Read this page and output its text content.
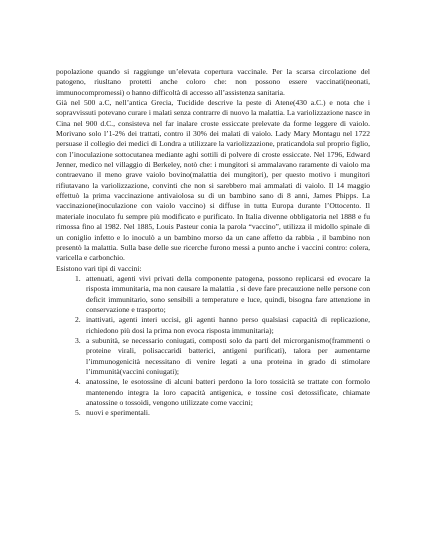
popolazione quando si raggiunge un’elevata copertura vaccinale. Per la scarsa circolazione del patogeno, riusltano protetti anche coloro che: non possono essere vaccinati(neonati, immunocompromessi) o hanno difficoltà di accesso all’assistenza sanitaria.

Già nel 500 a.C, nell’antica Grecia, Tucidide descrive la peste di Atene(430 a.C.) e nota che i sopravvissuti potevano curare i malati senza contrarre di nuovo la malattia. La variolizzazione nasce in Cina nel 900 d.C., consisteva nel far inalare croste essiccate prelevate da forme leggere di vaiolo. Morivano solo l’1-2% dei trattati, contro il 30% dei malati di vaiolo. Lady Mary Montagu nel 1722 persuase il collegio dei medici di Londra a utilizzare la variolizzazione, praticandola sul proprio figlio, con l’inoculazione sottocutanea mediante aghi sottili di polvere di croste essiccate. Nel 1796, Edward Jenner, medico nel villaggio di Berkeley, notò che: i mungitori si ammalavano raramente di vaiolo ma contraevano il meno grave vaiolo bovino(malattia dei mungitori), per questo motivo i mungitori rifiutavano la variolizzazione, convinti che non si sarebbero mai ammalati di vaiolo. Il 14 maggio effettuò la prima vaccinazione antivaiolosa su di un bambino sano di 8 anni, James Phipps. La vaccinazione(inoculazione con vaiolo vaccino) si diffuse in tutta Europa durante l’Ottocento. Il materiale inoculato fu sempre più modificato e purificato. In Italia divenne obbligatoria nel 1888 e fu rimossa fino al 1982. Nel 1885, Louis Pasteur conia la parola “vaccino”, utilizza il midollo spinale di un coniglio infetto e lo inoculò a un bambino morso da un cane affetto da rabbia , il bambino non presentò la malattia. Sulla base delle sue ricerche furono messi a punto anche i vaccini contro: colera, varicella e carbonchio.

Esistono vari tipi di vaccini:

1. attenuati, agenti vivi privati della componente patogena, possono replicarsi ed evocare la risposta immunitaria, ma non causare la malattia , si deve fare precauzione nelle persone con deficit immunitario, sono sensibili a temperature e luce, quindi, bisogna fare attenzione in conservazione e trasporto;
2. inattivati, agenti interi uccisi, gli agenti hanno perso qualsiasi capacità di replicazione, richiedono più dosi la prima non evoca risposta immunitaria);
3. a subunità, se necessario coniugati, composti solo da parti del microrganismo(frammenti o proteine virali, polisaccaridi batterici, antigeni purificati), talora per aumentarne l’immunogenicità necessitano di venire legati a una proteina in grado di stimolare l’immunità(vaccini coniugati);
4. anatossine, le esotossine di alcuni batteri perdono la loro tossicità se trattate con formolo mantenendo integra la loro capacità antigenica, e tossine così detossificate, chiamate anatossine o tossoidi, vengono utilizzate come vaccini;
5. nuovi e sperimentali.
